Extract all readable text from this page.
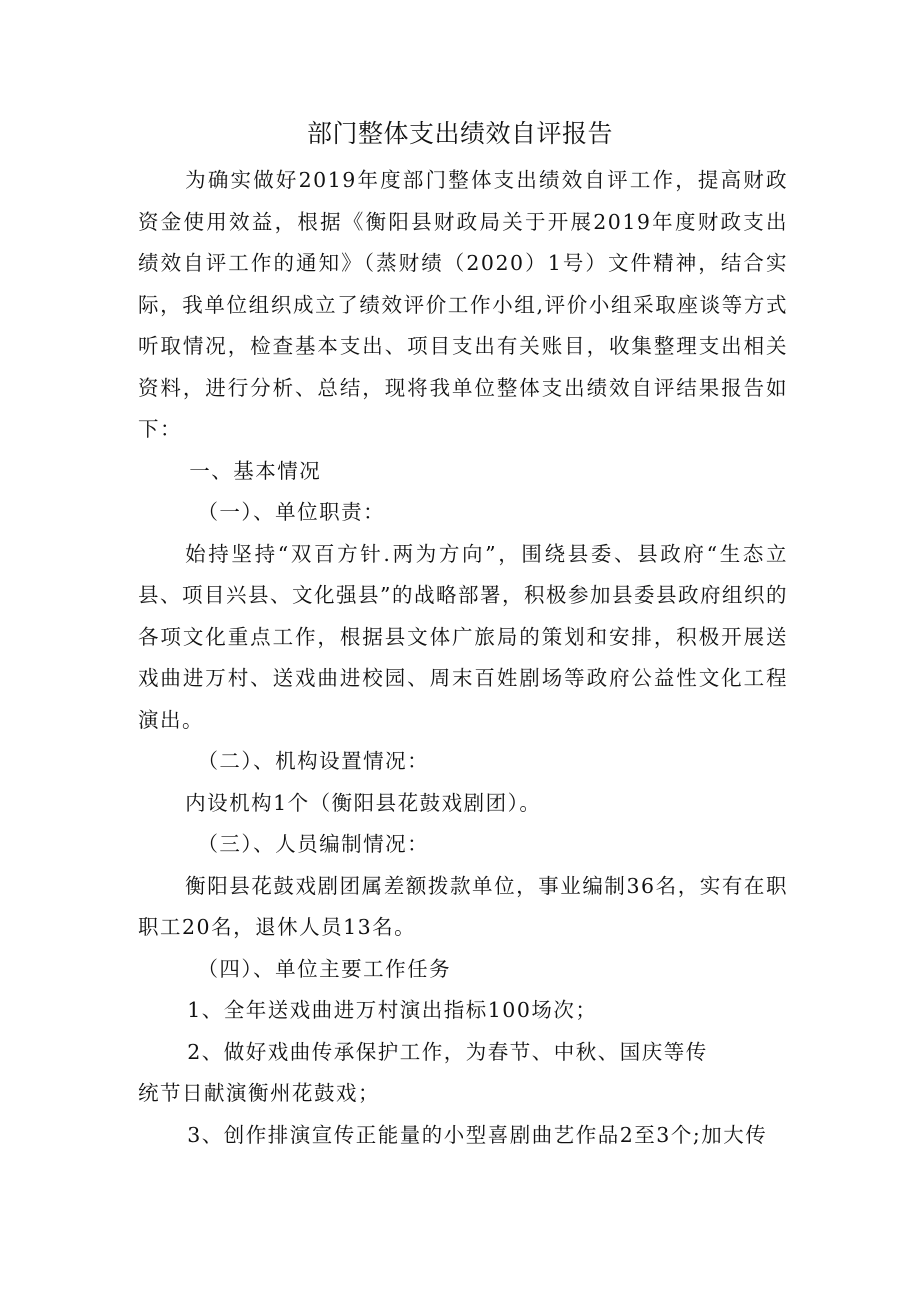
部门整体支出绩效自评报告

为确实做好2019年度部门整体支出绩效自评工作，提高财政资金使用效益，根据《衡阳县财政局关于开展2019年度财政支出绩效自评工作的通知》（蒸财绩（2020）1号）文件精神，结合实际，我单位组织成立了绩效评价工作小组,评价小组采取座谈等方式听取情况，检查基本支出、项目支出有关账目，收集整理支出相关资料，进行分析、总结，现将我单位整体支出绩效自评结果报告如下：

一、基本情况

（一）、单位职责：

始持坚持“双百方针.两为方向”，围绕县委、县政府“生态立县、项目兴县、文化强县”的战略部署，积极参加县委县政府组织的各项文化重点工作，根据县文体广旅局的策划和安排，积极开展送戏曲进万村、送戏曲进校园、周末百姓剧场等政府公益性文化工程演出。

（二）、机构设置情况：

内设机构1个（衡阳县花鼓戏剧团）。

（三）、人员编制情况：

衡阳县花鼓戏剧团属差额拨款单位，事业编制36名，实有在职职工20名，退休人员13名。

（四）、单位主要工作任务

1、全年送戏曲进万村演出指标100场次；

2、做好戏曲传承保护工作，为春节、中秋、国庆等传

统节日献演衡州花鼓戏；

3、创作排演宣传正能量的小型喜剧曲艺作品2至3个;加大传
